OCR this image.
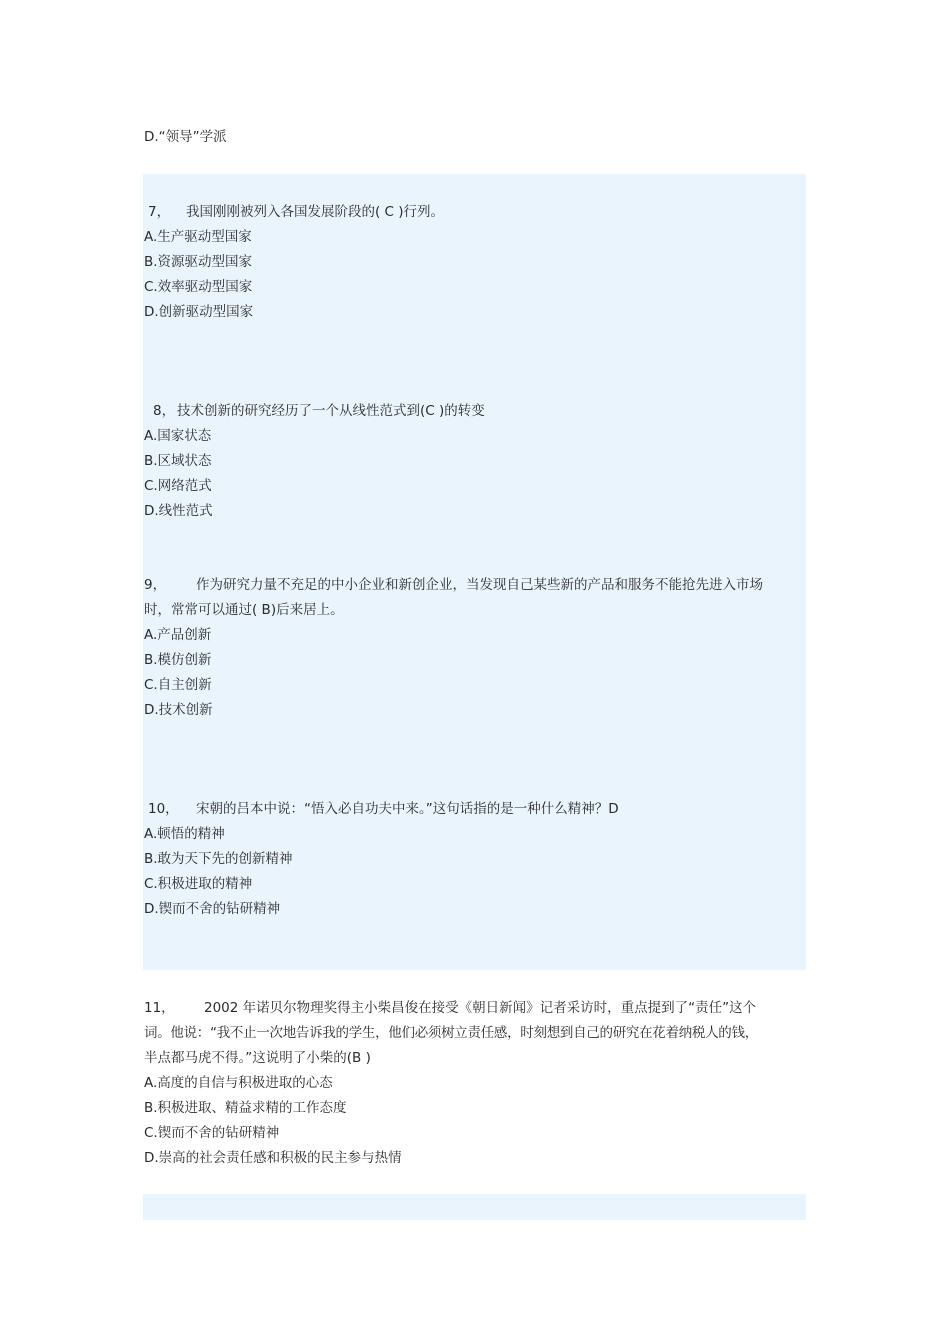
D.“领导”学派
7， 我国刚刚被列入各国发展阶段的( C )行列。
A.生产驱动型国家
B.资源驱动型国家
C.效率驱动型国家
D.创新驱动型国家
8， 技术创新的研究经历了一个从线性范式到(C )的转变
A.国家状态
B.区域状态
C.网络范式
D.线性范式
9， 作为研究力量不充足的中小企业和新创企业，当发现自己某些新的产品和服务不能抢先进入市场
时，常常可以通过( B)后来居上。
A.产品创新
B.模仿创新
C.自主创新
D.技术创新
10， 宋朝的吕本中说：“悟入必自功夫中来。”这句话指的是一种什么精神？D
A.顿悟的精神
B.敢为天下先的创新精神
C.积极进取的精神
D.锲而不舍的钻研精神
11， 2002 年诺贝尔物理奖得主小柴昌俊在接受《朝日新闻》记者采访时，重点提到了“责任”这个
词。他说：“我不止一次地告诉我的学生，他们必须树立责任感，时刻想到自己的研究在花着纳税人的钱，
半点都马虎不得。”这说明了小柴的(B )
A.高度的自信与积极进取的心态
B.积极进取、精益求精的工作态度
C.锲而不舍的钻研精神
D.崇高的社会责任感和积极的民主参与热情
